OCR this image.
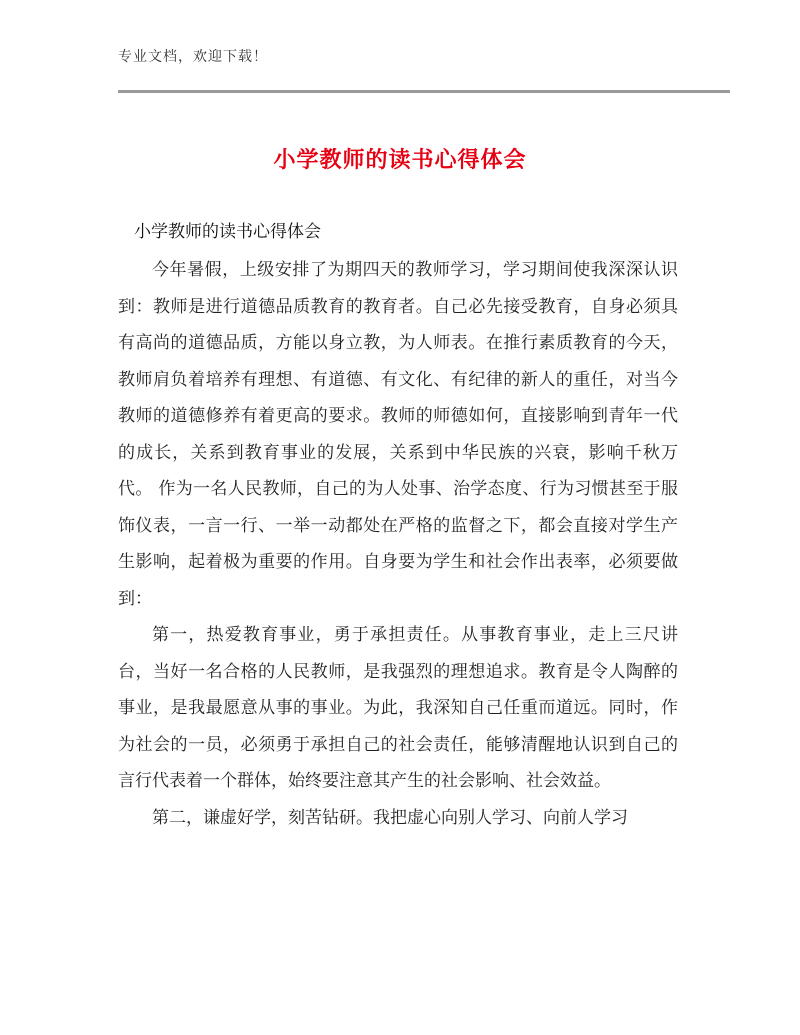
专业文档，欢迎下载！
小学教师的读书心得体会
小学教师的读书心得体会

今年暑假，上级安排了为期四天的教师学习，学习期间使我深深认识到：教师是进行道德品质教育的教育者。自己必先接受教育，自身必须具有高尚的道德品质，方能以身立教，为人师表。在推行素质教育的今天，教师肩负着培养有理想、有道德、有文化、有纪律的新人的重任，对当今教师的道德修养有着更高的要求。教师的师德如何，直接影响到青年一代的成长，关系到教育事业的发展，关系到中华民族的兴衰，影响千秋万代。 作为一名人民教师，自己的为人处事、治学态度、行为习惯甚至于服饰仪表，一言一行、一举一动都处在严格的监督之下，都会直接对学生产生影响，起着极为重要的作用。自身要为学生和社会作出表率，必须要做到：

第一，热爱教育事业，勇于承担责任。从事教育事业，走上三尺讲台，当好一名合格的人民教师，是我强烈的理想追求。教育是令人陶醉的事业，是我最愿意从事的事业。为此，我深知自己任重而道远。同时，作为社会的一员，必须勇于承担自己的社会责任，能够清醒地认识到自己的言行代表着一个群体，始终要注意其产生的社会影响、社会效益。

第二，谦虚好学，刻苦钻研。我把虚心向别人学习、向前人学习
